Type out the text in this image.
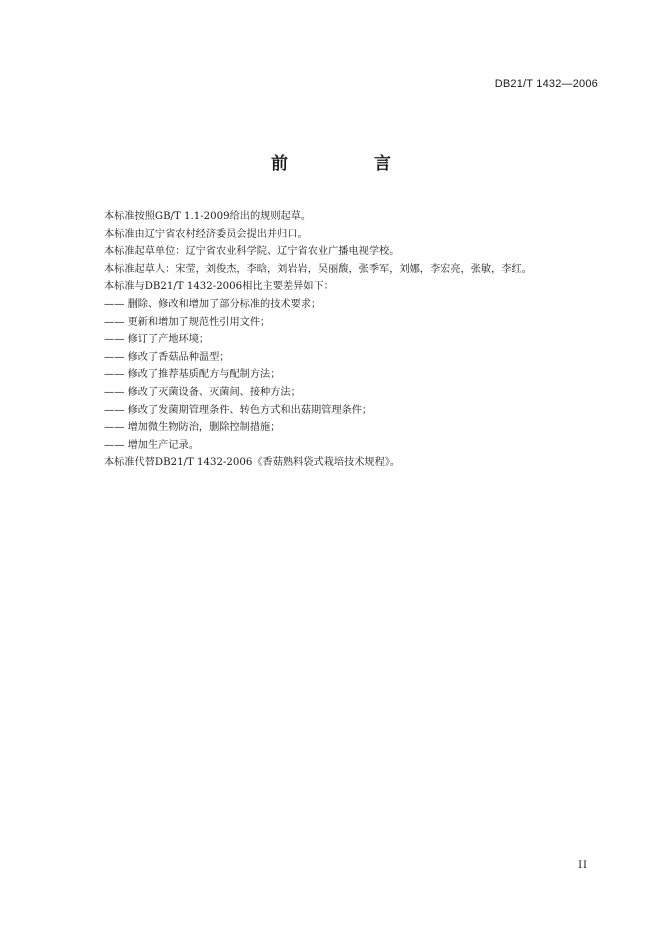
DB21/T 1432—2006
前 言
本标准按照GB/T 1.1-2009给出的规则起草。
本标准由辽宁省农村经济委员会提出并归口。
本标准起草单位：辽宁省农业科学院、辽宁省农业广播电视学校。
本标准起草人：宋莹，刘俊杰，李晗，刘岩岩，吴丽馥，张季军，刘娜，李宏亮，张敏，李红。
本标准与DB21/T 1432-2006相比主要差异如下：
—— 删除、修改和增加了部分标准的技术要求；
—— 更新和增加了规范性引用文件；
—— 修订了产地环境；
—— 修改了香菇品种温型；
—— 修改了推荐基质配方与配制方法；
—— 修改了灭菌设备、灭菌间、接种方法；
—— 修改了发菌期管理条件、转色方式和出菇期管理条件；
—— 增加微生物防治，删除控制措施；
—— 增加生产记录。
本标准代替DB21/T 1432-2006《香菇熟料袋式栽培技术规程》。
II
